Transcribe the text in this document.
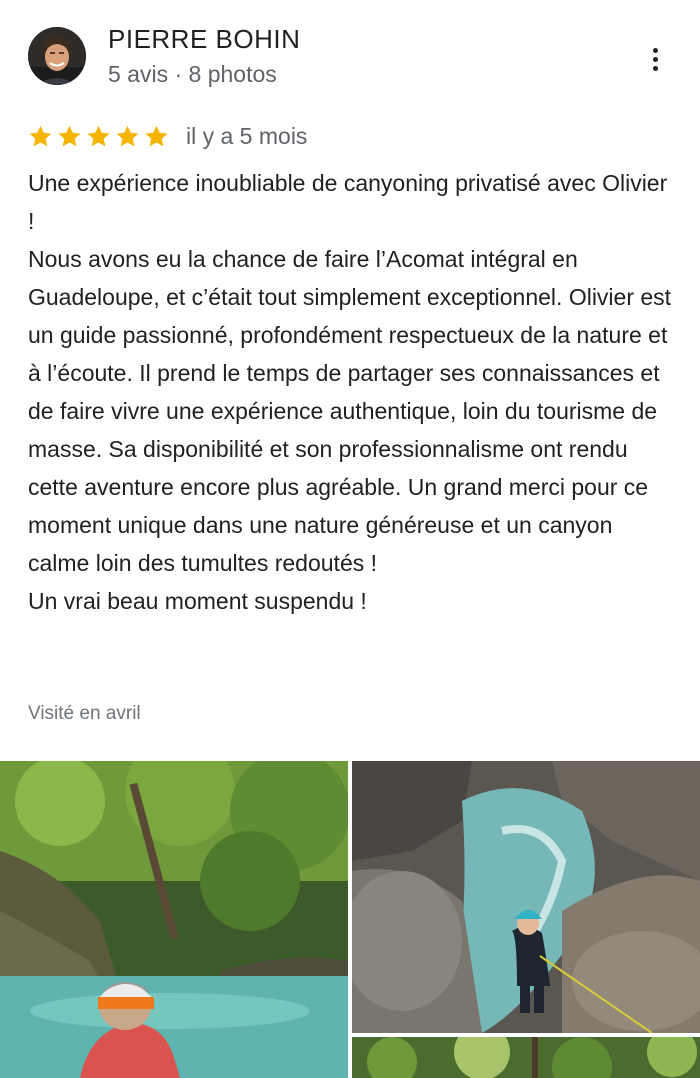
PIERRE BOHIN
5 avis · 8 photos
il y a 5 mois

Une expérience inoubliable de canyoning privatisé avec Olivier !

Nous avons eu la chance de faire l’Acomat intégral en Guadeloupe, et c’était tout simplement exceptionnel. Olivier est un guide passionné, profondément respectueux de la nature et à l’écoute. Il prend le temps de partager ses connaissances et de faire vivre une expérience authentique, loin du tourisme de masse. Sa disponibilité et son professionnalisme ont rendu cette aventure encore plus agréable. Un grand merci pour ce moment unique dans une nature généreuse et un canyon calme loin des tumultes redoutés !

Un vrai beau moment suspendu !

Visité en avril
